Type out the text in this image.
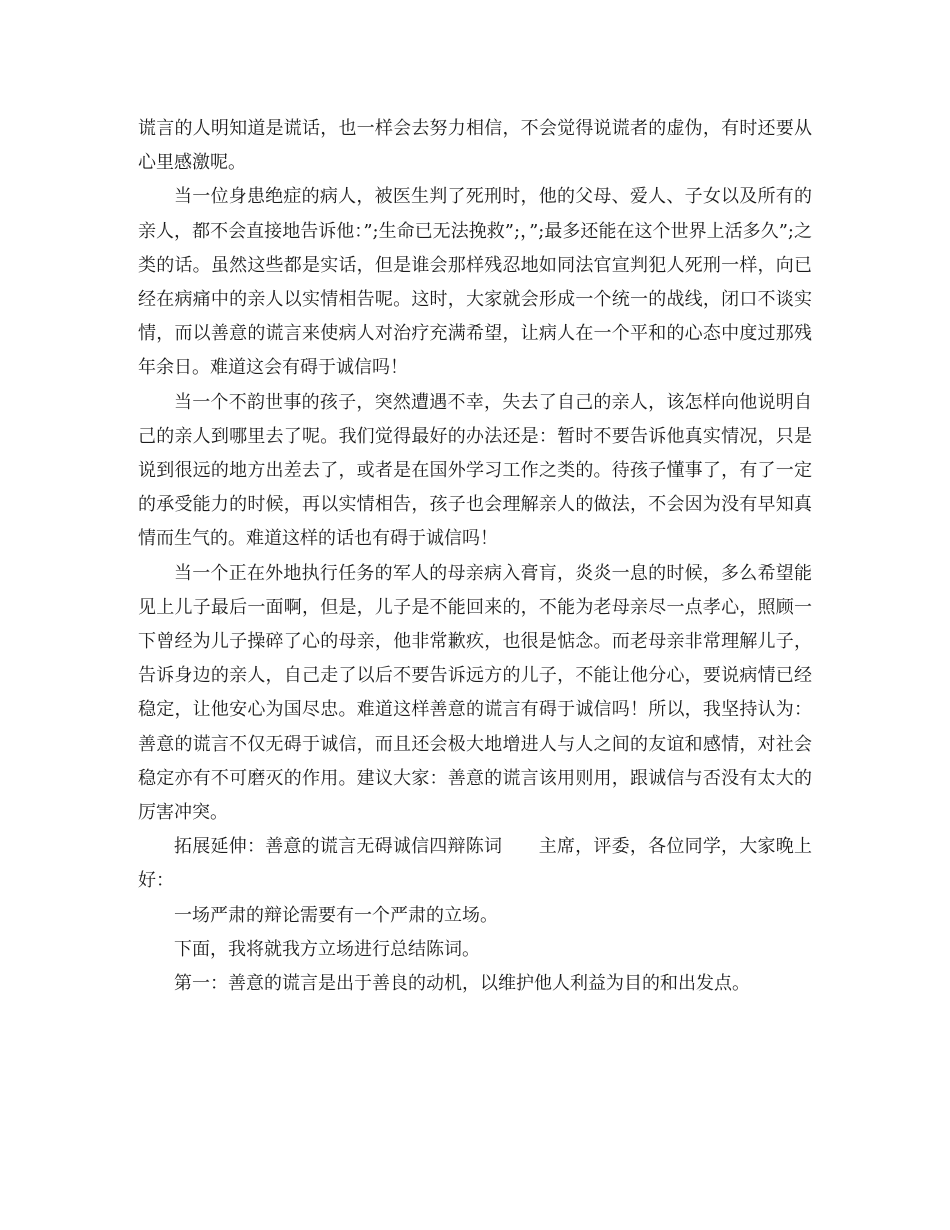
谎言的人明知道是谎话，也一样会去努力相信，不会觉得说谎者的虚伪，有时还要从心里感激呢。

当一位身患绝症的病人，被医生判了死刑时，他的父母、爱人、子女以及所有的亲人，都不会直接地告诉他：”;生命已无法挽救”;，”;最多还能在这个世界上活多久”;之类的话。虽然这些都是实话，但是谁会那样残忍地如同法官宣判犯人死刑一样，向已经在病痛中的亲人以实情相告呢。这时，大家就会形成一个统一的战线，闭口不谈实情，而以善意的谎言来使病人对治疗充满希望，让病人在一个平和的心态中度过那残年余日。难道这会有碍于诚信吗！

当一个不韵世事的孩子，突然遭遇不幸，失去了自己的亲人，该怎样向他说明自己的亲人到哪里去了呢。我们觉得最好的办法还是：暂时不要告诉他真实情况，只是说到很远的地方出差去了，或者是在国外学习工作之类的。待孩子懂事了，有了一定的承受能力的时候，再以实情相告，孩子也会理解亲人的做法，不会因为没有早知真情而生气的。难道这样的话也有碍于诚信吗！

当一个正在外地执行任务的军人的母亲病入膏肓，炎炎一息的时候，多么希望能见上儿子最后一面啊，但是，儿子是不能回来的，不能为老母亲尽一点孝心，照顾一下曾经为儿子操碎了心的母亲，他非常歉疚，也很是惦念。而老母亲非常理解儿子，告诉身边的亲人，自己走了以后不要告诉远方的儿子，不能让他分心，要说病情已经稳定，让他安心为国尽忠。难道这样善意的谎言有碍于诚信吗！所以，我坚持认为：善意的谎言不仅无碍于诚信，而且还会极大地增进人与人之间的友谊和感情，对社会稳定亦有不可磨灭的作用。建议大家：善意的谎言该用则用，跟诚信与否没有太大的厉害冲突。

拓展延伸：善意的谎言无碍诚信四辩陈词　　主席，评委，各位同学，大家晚上好：

一场严肃的辩论需要有一个严肃的立场。

下面，我将就我方立场进行总结陈词。

第一：善意的谎言是出于善良的动机，以维护他人利益为目的和出发点。
